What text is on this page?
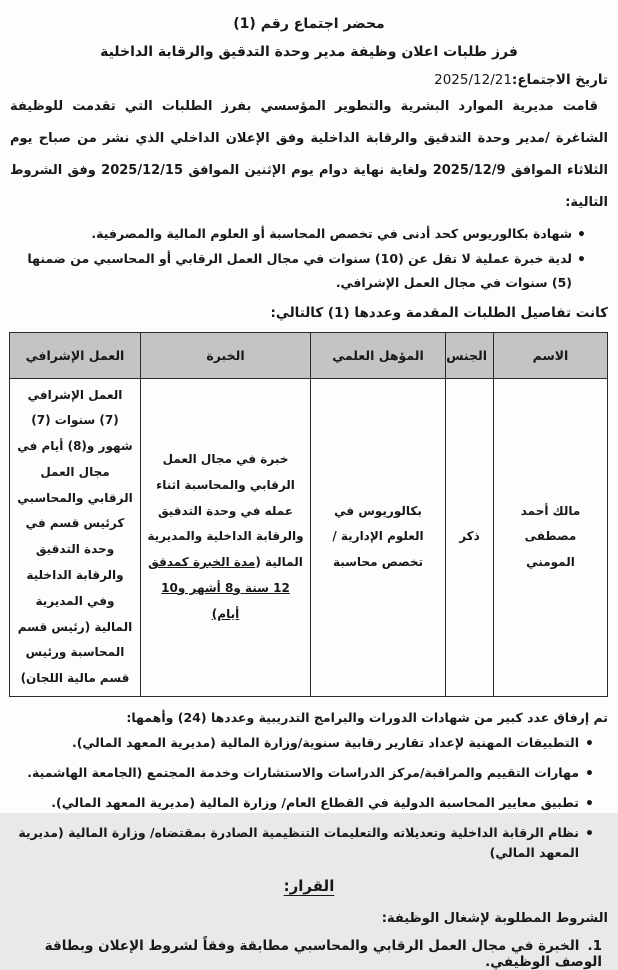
محضر اجتماع رقم (1)
فرز طلبات اعلان وظيفة مدير وحدة التدقيق والرقابة الداخلية
تاريخ الاجتماع:2025/12/21
قامت مديرية الموارد البشرية والتطوير المؤسسي بفرز الطلبات التي تقدمت للوظيفة الشاغرة /مدير وحدة التدقيق والرقابة الداخلية وفق الإعلان الداخلي الذي نشر من صباح يوم الثلاثاء الموافق 2025/12/9 ولغاية نهاية دوام يوم الإثنين الموافق 2025/12/15 وفق الشروط التالية:
• شهادة بكالوريوس كحد أدنى في تخصص المحاسبة أو العلوم المالية والمصرفية.
• لدية خبرة عملية لا تقل عن (10) سنوات في مجال العمل الرقابي أو المحاسبي من ضمنها (5) سنوات في مجال العمل الإشرافي.
كانت تفاصيل الطلبات المقدمة وعددها (1) كالتالي:
الاسم	الجنس	المؤهل العلمي	الخبرة	العمل الإشرافي
مالك أحمد مصطفى المومني	ذكر	بكالوريوس في العلوم الإدارية /تخصص محاسبة	خبرة في مجال العمل الرقابي والمحاسبة اثناء عمله في وحدة التدقيق والرقابة الداخلية والمديرية المالية (مدة الخبرة كمدقق 12 سنة و8 أشهر و10 أيام)	العمل الإشرافي (7) سنوات (7) شهور و(8) أيام في مجال العمل الرقابي والمحاسبي كرئيس قسم في وحدة التدقيق والرقابة الداخلية وفي المديرية المالية (رئيس قسم المحاسبة ورئيس قسم مالية اللجان)
تم إرفاق عدد كبير من شهادات الدورات والبرامج التدريبية وعددها (24) وأهمها:
• التطبيقات المهنية لإعداد تقارير رقابية سنوية/وزارة المالية (مديرية المعهد المالي).
• مهارات التقييم والمراقبة/مركز الدراسات والاستشارات وخدمة المجتمع (الجامعة الهاشمية.
• تطبيق معايير المحاسبة الدولية في القطاع العام/ وزارة المالية (مديرية المعهد المالي).
• نظام الرقابة الداخلية وتعديلاته والتعليمات التنظيمية الصادرة بمقتضاه/ وزارة المالية (مديرية المعهد المالي)
القرار:
الشروط المطلوبة لإشغال الوظيفة:
1.الخبرة في مجال العمل الرقابي والمحاسبي مطابقة وفقاً لشروط الإعلان وبطاقة الوصف الوظيفي.
